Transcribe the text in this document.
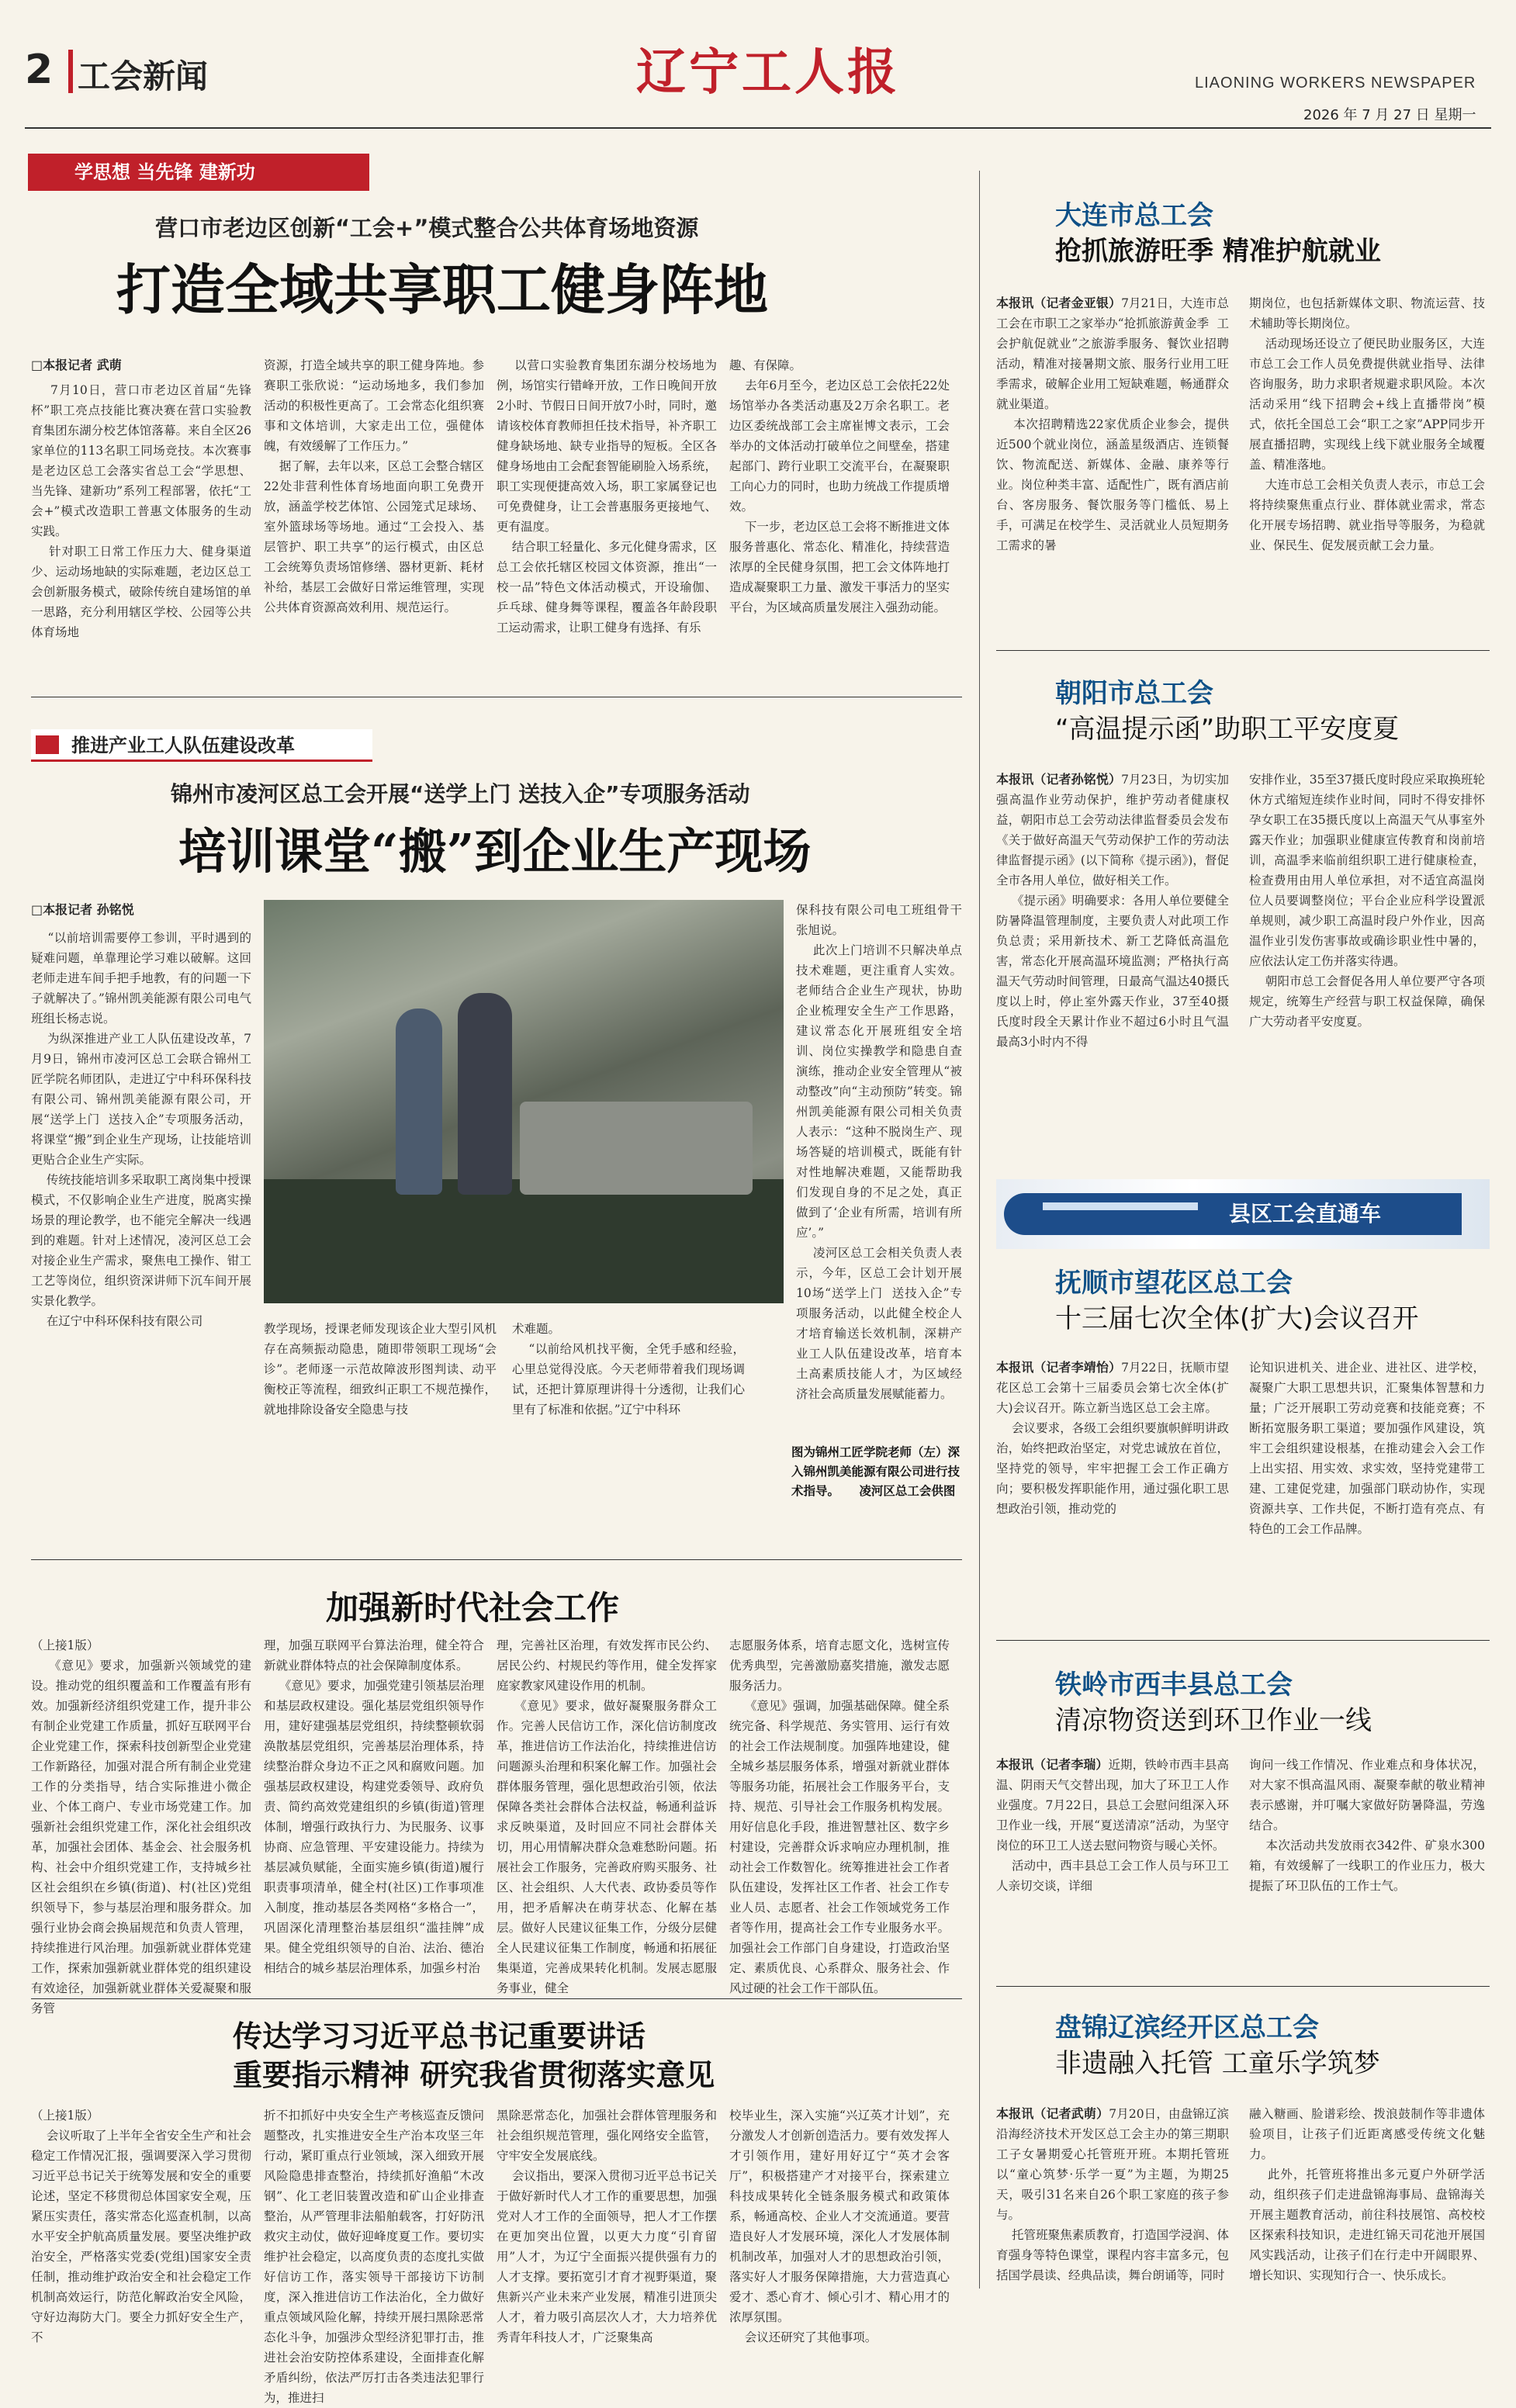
2 工会新闻	辽宁工人报	LIAONING WORKERS NEWSPAPER
2026 年 7 月 27 日 星期一
学思想 当先锋 建新功
营口市老边区创新“工会+”模式整合公共体育场地资源
打造全域共享职工健身阵地
□本报记者 武萌
7月10日，营口市老边区首届“先锋杯”职工亮点技能比赛决赛在营口实验教育集团东湖分校艺体馆落幕。来自全区26家单位的113名职工同场竞技。本次赛事是老边区总工会落实省总工会“学思想、当先锋、建新功”系列工程部署，依托“工会+”模式改造职工普惠文体服务的生动实践。
针对职工日常工作压力大、健身渠道少、运动场地缺的实际难题，老边区总工会创新服务模式，破除传统自建场馆的单一思路，充分利用辖区学校、公园等公共体育场地
资源，打造全域共享的职工健身阵地。参赛职工张欣说：“运动场地多，我们参加活动的积极性更高了。工会常态化组织赛事和文体培训，大家走出工位，强健体魄，有效缓解了工作压力。”
据了解，去年以来，区总工会整合辖区22处非营利性体育场地面向职工免费开放，涵盖学校艺体馆、公园笼式足球场、室外篮球场等场地。通过“工会投入、基层管护、职工共享”的运行模式，由区总工会统筹负责场馆修缮、器材更新、耗材补给，基层工会做好日常运维管理，实现公共体育资源高效利用、规范运行。
以营口实验教育集团东湖分校场地为例，场馆实行错峰开放，工作日晚间开放2小时、节假日日间开放7小时，同时，邀请该校体育教师担任技术指导，补齐职工健身缺场地、缺专业指导的短板。全区各健身场地由工会配套智能刷脸入场系统，职工实现便捷高效入场，职工家属登记也可免费健身，让工会普惠服务更接地气、更有温度。
结合职工轻量化、多元化健身需求，区总工会依托辖区校园文体资源，推出“一校一品”特色文体活动模式，开设瑜伽、乒乓球、健身舞等课程，覆盖各年龄段职工运动需求，让职工健身有选择、有乐
趣、有保障。
去年6月至今，老边区总工会依托22处场馆举办各类活动惠及2万余名职工。老边区委统战部工会主席崔博文表示，工会举办的文体活动打破单位之间壁垒，搭建起部门、跨行业职工交流平台，在凝聚职工向心力的同时，也助力统战工作提质增效。
下一步，老边区总工会将不断推进文体服务普惠化、常态化、精准化，持续营造浓厚的全民健身氛围，把工会文体阵地打造成凝聚职工力量、激发干事活力的坚实平台，为区域高质量发展注入强劲动能。
推进产业工人队伍建设改革
锦州市凌河区总工会开展“送学上门 送技入企”专项服务活动
培训课堂“搬”到企业生产现场
□本报记者 孙铭悦
“以前培训需要停工参训，平时遇到的疑难问题，单靠理论学习难以破解。这回老师走进车间手把手地教，有的问题一下子就解决了。”锦州凯美能源有限公司电气班组长杨志说。
为纵深推进产业工人队伍建设改革，7月9日，锦州市凌河区总工会联合锦州工匠学院名师团队，走进辽宁中科环保科技有限公司、锦州凯美能源有限公司，开展“送学上门  送技入企”专项服务活动，将课堂“搬”到企业生产现场，让技能培训更贴合企业生产实际。
传统技能培训多采取职工离岗集中授课模式，不仅影响企业生产进度，脱离实操场景的理论教学，也不能完全解决一线遇到的难题。针对上述情况，凌河区总工会对接企业生产需求，聚焦电工操作、钳工工艺等岗位，组织资深讲师下沉车间开展实景化教学。
在辽宁中科环保科技有限公司
保科技有限公司电工班组骨干张旭说。
此次上门培训不只解决单点技术难题，更注重育人实效。老师结合企业生产现状，协助企业梳理安全生产工作思路，建议常态化开展班组安全培训、岗位实操教学和隐患自查演练，推动企业安全管理从“被动整改”向“主动预防”转变。锦州凯美能源有限公司相关负责人表示：“这种不脱岗生产、现场答疑的培训模式，既能有针对性地解决难题，又能帮助我们发现自身的不足之处，真正做到了‘企业有所需，培训有所应’。”
凌河区总工会相关负责人表示，今年，区总工会计划开展10场“送学上门  送技入企”专项服务活动，以此健全校企人才培育输送长效机制，深耕产业工人队伍建设改革，培育本土高素质技能人才，为区域经济社会高质量发展赋能蓄力。
教学现场，授课老师发现该企业大型引风机存在高频振动隐患，随即带领职工现场“会诊”。老师逐一示范故障波形图判读、动平衡校正等流程，细致纠正职工不规范操作，就地排除设备安全隐患与技
术难题。
“以前给风机找平衡，全凭手感和经验，心里总觉得没底。今天老师带着我们现场调试，还把计算原理讲得十分透彻，让我们心里有了标准和依据。”辽宁中科环
图为锦州工匠学院老师（左）深入锦州凯美能源有限公司进行技术指导。 凌河区总工会供图
加强新时代社会工作
（上接1版）
《意见》要求，加强新兴领域党的建设。推动党的组织覆盖和工作覆盖有形有效。加强新经济组织党建工作，提升非公有制企业党建工作质量，抓好互联网平台企业党建工作，探索科技创新型企业党建工作新路径，加强对混合所有制企业党建工作的分类指导，结合实际推进小微企业、个体工商户、专业市场党建工作。加强新社会组织党建工作，深化社会组织改革，加强社会团体、基金会、社会服务机构、社会中介组织党建工作，支持城乡社区社会组织在乡镇(街道)、村(社区)党组织领导下，参与基层治理和服务群众。加强行业协会商会换届规范和负责人管理，持续推进行风治理。加强新就业群体党建工作，探索加强新就业群体党的组织建设有效途径，加强新就业群体关爱凝聚和服务管
理，加强互联网平台算法治理，健全符合新就业群体特点的社会保障制度体系。
《意见》要求，加强党建引领基层治理和基层政权建设。强化基层党组织领导作用，建好建强基层党组织，持续整顿软弱涣散基层党组织，完善基层治理体系，持续整治群众身边不正之风和腐败问题。加强基层政权建设，构建党委领导、政府负责、简约高效党建组织的乡镇(街道)管理体制，增强行政执行力、为民服务、议事协商、应急管理、平安建设能力。持续为基层减负赋能，全面实施乡镇(街道)履行职责事项清单，健全村(社区)工作事项准入制度，推动基层各类网格“多格合一”，巩固深化清理整治基层组织“滥挂牌”成果。健全党组织领导的自治、法治、德治相结合的城乡基层治理体系，加强乡村治
理，完善社区治理，有效发挥市民公约、居民公约、村规民约等作用，健全发挥家庭家教家风建设作用的机制。
《意见》要求，做好凝聚服务群众工作。完善人民信访工作，深化信访制度改革，推进信访工作法治化，持续推进信访问题源头治理和积案化解工作。加强社会群体服务管理，强化思想政治引领，依法保障各类社会群体合法权益，畅通利益诉求反映渠道，及时回应不同社会群体关切，用心用情解决群众急难愁盼问题。拓展社会工作服务，完善政府购买服务、社区、社会组织、人大代表、政协委员等作用，把矛盾解决在萌芽状态、化解在基层。做好人民建议征集工作，分级分层健全人民建议征集工作制度，畅通和拓展征集渠道，完善成果转化机制。发展志愿服务事业，健全
志愿服务体系，培育志愿文化，选树宣传优秀典型，完善激励嘉奖措施，激发志愿服务活力。
《意见》强调，加强基础保障。健全系统完备、科学规范、务实管用、运行有效的社会工作法规制度。加强阵地建设，健全城乡基层服务体系，增强对新就业群体等服务功能，拓展社会工作服务平台，支持、规范、引导社会工作服务机构发展。用好信息化手段，推进智慧社区、数字乡村建设，完善群众诉求响应办理机制，推动社会工作数智化。统筹推进社会工作者队伍建设，发挥社区工作者、社会工作专业人员、志愿者、社会工作领域党务工作者等作用，提高社会工作专业服务水平。加强社会工作部门自身建设，打造政治坚定、素质优良、心系群众、服务社会、作风过硬的社会工作干部队伍。
传达学习习近平总书记重要讲话
重要指示精神 研究我省贯彻落实意见
（上接1版）
会议听取了上半年全省安全生产和社会稳定工作情况汇报，强调要深入学习贯彻习近平总书记关于统筹发展和安全的重要论述，坚定不移贯彻总体国家安全观，压紧压实责任，落实常态化巡查机制，以高水平安全护航高质量发展。要坚决维护政治安全，严格落实党委(党组)国家安全责任制，推动维护政治安全和社会稳定工作机制高效运行，防范化解政治安全风险，守好边海防大门。要全力抓好安全生产，不
折不扣抓好中央安全生产考核巡查反馈问题整改，扎实推进安全生产治本攻坚三年行动，紧盯重点行业领域，深入细致开展风险隐患排查整治，持续抓好渔船“木改钢”、化工老旧装置改造和矿山企业排查整治，从严管理非法船舶载客，打好防汛救灾主动仗，做好迎峰度夏工作。要切实维护社会稳定，以高度负责的态度扎实做好信访工作，落实领导干部接访下访制度，深入推进信访工作法治化，全力做好重点领域风险化解，持续开展扫黑除恶常态化斗争，加强涉众型经济犯罪打击，推进社会治安防控体系建设，全面排查化解矛盾纠纷，依法严厉打击各类违法犯罪行为，推进扫
黑除恶常态化，加强社会群体管理服务和社会组织规范管理，强化网络安全监管，守牢安全发展底线。
会议指出，要深入贯彻习近平总书记关于做好新时代人才工作的重要思想，加强党对人才工作的全面领导，把人才工作摆在更加突出位置，以更大力度“引育留用”人才，为辽宁全面振兴提供强有力的人才支撑。要拓宽引才育才视野渠道，聚焦新兴产业未来产业发展，精准引进顶尖人才，着力吸引高层次人才，大力培养优秀青年科技人才，广泛聚集高
校毕业生，深入实施“兴辽英才计划”，充分激发人才创新创造活力。要有效发挥人才引领作用，建好用好辽宁“英才会客厅”，积极搭建产才对接平台，探索建立科技成果转化全链条服务模式和政策体系，畅通高校、企业人才交流通道。要营造良好人才发展环境，深化人才发展体制机制改革，加强对人才的思想政治引领，落实好人才服务保障措施，大力营造真心爱才、悉心育才、倾心引才、精心用才的浓厚氛围。
会议还研究了其他事项。
大连市总工会
抢抓旅游旺季 精准护航就业
本报讯（记者金亚银）7月21日，大连市总工会在市职工之家举办“抢抓旅游黄金季  工会护航促就业”之旅游季服务、餐饮业招聘活动，精准对接暑期文旅、服务行业用工旺季需求，破解企业用工短缺难题，畅通群众就业渠道。
本次招聘精选22家优质企业参会，提供近500个就业岗位，涵盖星级酒店、连锁餐饮、物流配送、新媒体、金融、康养等行业。岗位种类丰富、适配性广，既有酒店前台、客房服务、餐饮服务等门槛低、易上手，可满足在校学生、灵活就业人员短期务工需求的暑
期岗位，也包括新媒体文职、物流运营、技术辅助等长期岗位。
活动现场还设立了便民助业服务区，大连市总工会工作人员免费提供就业指导、法律咨询服务，助力求职者规避求职风险。本次活动采用“线下招聘会+线上直播带岗”模式，依托全国总工会“职工之家”APP同步开展直播招聘，实现线上线下就业服务全域覆盖、精准落地。
大连市总工会相关负责人表示，市总工会将持续聚焦重点行业、群体就业需求，常态化开展专场招聘、就业指导等服务，为稳就业、保民生、促发展贡献工会力量。
朝阳市总工会
“高温提示函”助职工平安度夏
本报讯（记者孙铭悦）7月23日，为切实加强高温作业劳动保护，维护劳动者健康权益，朝阳市总工会劳动法律监督委员会发布《关于做好高温天气劳动保护工作的劳动法律监督提示函》(以下简称《提示函》)，督促全市各用人单位，做好相关工作。
《提示函》明确要求：各用人单位要健全防暑降温管理制度，主要负责人对此项工作负总责；采用新技术、新工艺降低高温危害，常态化开展高温环境监测；严格执行高温天气劳动时间管理，日最高气温达40摄氏度以上时，停止室外露天作业，37至40摄氏度时段全天累计作业不超过6小时且气温最高3小时内不得
安排作业，35至37摄氏度时段应采取换班轮休方式缩短连续作业时间，同时不得安排怀孕女职工在35摄氏度以上高温天气从事室外露天作业；加强职业健康宣传教育和岗前培训，高温季来临前组织职工进行健康检查，检查费用由用人单位承担，对不适宜高温岗位人员要调整岗位；平台企业应科学设置派单规则，减少职工高温时段户外作业，因高温作业引发伤害事故或确诊职业性中暑的，应依法认定工伤并落实待遇。
朝阳市总工会督促各用人单位要严守各项规定，统筹生产经营与职工权益保障，确保广大劳动者平安度夏。
县区工会直通车
抚顺市望花区总工会
十三届七次全体(扩大)会议召开
本报讯（记者李靖怡）7月22日，抚顺市望花区总工会第十三届委员会第七次全体(扩大)会议召开。陈立新当选区总工会主席。
会议要求，各级工会组织要旗帜鲜明讲政治，始终把政治坚定，对党忠诚放在首位，坚持党的领导，牢牢把握工会工作正确方向；要积极发挥职能作用，通过强化职工思想政治引领，推动党的
论知识进机关、进企业、进社区、进学校，凝聚广大职工思想共识，汇聚集体智慧和力量；广泛开展职工劳动竞赛和技能竞赛；不断拓宽服务职工渠道；要加强作风建设，筑牢工会组织建设根基，在推动建会入会工作上出实招、用实效、求实效，坚持党建带工建、工建促党建，加强部门联动协作，实现资源共享、工作共促，不断打造有亮点、有特色的工会工作品牌。
铁岭市西丰县总工会
清凉物资送到环卫作业一线
本报讯（记者李瑞）近期，铁岭市西丰县高温、阴雨天气交替出现，加大了环卫工人作业强度。7月22日，县总工会慰问组深入环卫作业一线，开展“夏送清凉”活动，为坚守岗位的环卫工人送去慰问物资与暖心关怀。
活动中，西丰县总工会工作人员与环卫工人亲切交谈，详细
询问一线工作情况、作业难点和身体状况，对大家不惧高温风雨、凝聚奉献的敬业精神表示感谢，并叮嘱大家做好防暑降温，劳逸结合。
本次活动共发放雨衣342件、矿泉水300箱，有效缓解了一线职工的作业压力，极大提振了环卫队伍的工作士气。
盘锦辽滨经开区总工会
非遗融入托管 工童乐学筑梦
本报讯（记者武萌）7月20日，由盘锦辽滨沿海经济技术开发区总工会主办的第三期职工子女暑期爱心托管班开班。本期托管班以“童心筑梦·乐学一夏”为主题，为期25天，吸引31名来自26个职工家庭的孩子参与。
托管班聚焦素质教育，打造国学浸润、体育强身等特色课堂，课程内容丰富多元，包括国学晨读、经典品读，舞台朗诵等，同时
融入糖画、脸谱彩绘、拨浪鼓制作等非遗体验项目，让孩子们近距离感受传统文化魅力。
此外，托管班将推出多元夏户外研学活动，组织孩子们走进盘锦海事局、盘锦海关开展主题教育活动，前往科技展馆、高校校区探索科技知识，走进红锦天司花池开展国风实践活动，让孩子们在行走中开阔眼界、增长知识、实现知行合一、快乐成长。
